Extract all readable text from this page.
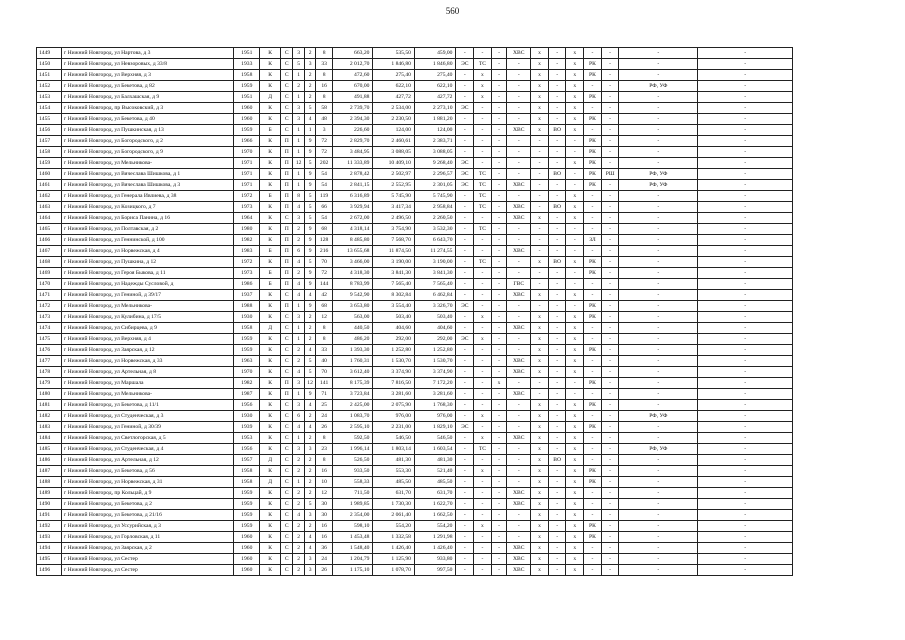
560
1449	г Нижний Новгород, ул Нартова, д 3	1951	К	С	3	2	8	663,20	535,50	459,00	-	-	-	ХВС	х	-	х	-	-	-	-
1450	г Нижний Новгород, ул Невзоровых, д 33/8	1933	К	С	5	3	33	2 012,70	1 846,80	1 846,80	ЭС	ТС	-	-	х	-	х	РК	-	-	-
1451	г Нижний Новгород, ул Верхняя, д 3	1958	К	С	1	2	8	472,60	275,40	275,40	-	х	-	-	х	-	х	РК	-	-	-
1452	г Нижний Новгород, ул Бекетова, д 82	1959	К	С	2	2	16	670,00	622,10	622,10	-	х	-	-	х	-	х	-	-	РФ, УФ	-
1453	г Нижний Новгород, ул Балхашская, д 9	1951	Д	С	1	2	8	491,88	427,72	427,72	-	х	-	-	х	-	х	РК	-	-	-
1454	г Нижний Новгород, пр Высоковский, д 3	1960	К	С	3	5	58	2 739,70	2 534,00	2 273,10	ЭС	-	-	-	х	-	х	-	-	-	-
1455	г Нижний Новгород, ул Бекетова, д 40	1960	К	С	3	4	48	2 394,30	2 230,50	1 881,20	-	-	-	-	х	-	х	РК	-	-	-
1456	г Нижний Новгород, ул Пушкинская, д 13	1959	Б	С	1	1	3	226,60	124,00	124,00	-	-	-	ХВС	х	ВО	х	-	-	-	-
1457	г Нижний Новгород, ул Богородского, д 2	1966	К	П	1	9	72	2 829,70	2 460,61	2 383,71	-	-	-	-	-	-	-	РК	-	-	-
1458	г Нижний Новгород, ул Богородского, д 9	1970	К	П	1	9	72	3 484,95	3 088,05	3 088,05	-	-	-	-	-	-	-	РК	-	-	-
1459	г Нижний Новгород, ул Мельникова-	1971	К	П	12	5	202	11 333,89	10 409,10	9 268,40	ЭС	-	-	-	-	-	х	РК	-	-	-
1460	г Нижний Новгород, ул Вячеслава Шишкова, д 1	1971	К	П	1	9	54	2 878,42	2 502,97	2 296,57	ЭС	ТС	-	-	-	ВО	-	РК	РШ	РФ, УФ	-
1461	г Нижний Новгород, ул Вячеслава Шишкова, д 3	1971	К	П	1	9	54	2 841,15	2 552,95	2 301,05	ЭС	ТС	-	ХВС	-	-	-	РК	-	РФ, УФ	-
1462	г Нижний Новгород, ул Генерала Ивлиева, д 38	1972	Б	П	8	5	119	6 316,89	5 745,90	5 745,90	-	ТС	-	-	-	-	х	-	-	-	-
1463	г Нижний Новгород, ул Козицкого, д 7	1973	К	П	4	5	66	3 929,94	3 417,34	2 958,84	-	ТС	-	ХВС	-	ВО	х	-	-	-	-
1464	г Нижний Новгород, ул Бориса Панина, д 16	1964	К	С	3	5	54	2 672,00	2 496,50	2 260,50	-	-	-	ХВС	х	-	х	-	-	-	-
1465	г Нижний Новгород, ул Полтавская, д 2	1980	К	П	2	9	68	4 318,14	3 754,90	3 532,30	-	ТС	-	-	-	-	-	-	-	-	-
1466	г Нижний Новгород, ул Геннинской, д 100	1982	К	П	2	9	128	8 485,80	7 568,70	6 643,70	-	-	-	-	-	-	-	ЗЛ	-	-	-
1467	г Нижний Новгород, ул Норвежская, д 4	1983	Б	П	6	9	216	13 655,68	11 874,50	11 274,55	-	-	-	ХВС	-	-	-	-	-	-	-
1468	г Нижний Новгород, ул Пушкина, д 12	1972	К	П	4	5	70	3 466,00	3 190,00	3 190,00	-	ТС	-	-	х	ВО	х	РК	-	-	-
1469	г Нижний Новгород, ул Героя Быкова, д 11	1973	Б	П	2	9	72	4 318,30	3 841,30	3 841,30	-	-	-	-	-	-	-	РК	-	-	-
1470	г Нижний Новгород, ул Надежды Сусловой, д	1986	Б	П	4	9	144	8 783,99	7 565,40	7 565,40	-	-	-	ГВС	-	-	-	-	-	-	-
1471	г Нижний Новгород, ул Гениной, д 39/17	1937	К	С	4	4	42	9 542,90	8 302,84	6 462,84	-	-	-	ХВС	х	-	х	-	-	-	-
1472	г Нижний Новгород, ул Мельникова-	1988	К	П	1	9	68	3 653,80	3 554,40	3 326,70	ЭС	-	-	-	-	-	-	РК	-	-	-
1473	г Нижний Новгород, ул Кулибина, д 17/5	1930	К	С	3	2	12	563,00	503,40	503,40	-	х	-	-	х	-	х	РК	-	-	-
1474	г Нижний Новгород, ул Сибирцева, д 9	1958	Д	С	1	2	8	440,50	404,60	404,60	-	-	-	ХВС	х	-	х	-	-	-	-
1475	г Нижний Новгород, ул Верхняя, д 4	1959	К	С	1	2	8	486,20	292,00	292,00	ЭС	х	-	-	х	-	х	-	-	-	-
1476	г Нижний Новгород, ул Заярская, д 12	1959	К	С	2	4	33	1 393,30	1 252,80	1 252,80	-	-	-	-	х	-	х	РК	-	-	-
1477	г Нижний Новгород, ул Норвежская, д 33	1963	К	С	2	5	40	1 760,31	1 530,70	1 530,70	-	-	-	ХВС	х	-	х	-	-	-	-
1478	г Нижний Новгород, ул Артельная, д 8	1970	К	С	4	5	70	3 612,40	3 374,90	3 374,90	-	-	-	ХВС	х	-	х	-	-	-	-
1479	г Нижний Новгород, ул Маршала	1982	К	П	3	12	141	8 175,39	7 816,50	7 172,20	-	-	х	-	-	-	-	РК	-	-	-
1480	г Нижний Новгород, ул Мельникова-	1987	К	П	1	9	71	3 723,84	3 281,60	3 281,60	-	-	-	ХВС	-	-	-	-	-	-	-
1481	г Нижний Новгород, ул Бекетова, д 11/1	1956	К	С	3	4	25	2 425,00	2 075,90	1 768,30	-	-	-	-	х	-	х	РК	-	-	-
1482	г Нижний Новгород, ул Студенческая, д 3	1930	К	С	6	2	24	1 083,70	976,00	976,00	-	х	-	-	х	-	х	-	-	РФ, УФ	-
1483	г Нижний Новгород, ул Гениной, д 30/39	1939	К	С	4	4	26	2 595,10	2 231,00	1 829,10	ЭС	-	-	-	х	-	х	РК	-	-	-
1484	г Нижний Новгород, ул Светлогорская, д 5	1953	К	С	1	2	8	592,50	546,50	546,50	-	х	-	ХВС	х	-	х	-	-	-	-
1485	г Нижний Новгород, ул Студенческая, д 4	1956	К	С	3	3	23	1 996,14	1 803,14	1 603,54	-	ТС	-	-	х	-	х	-	-	РФ, УФ	-
1486	г Нижний Новгород, ул Артельная, д 12	1957	Д	С	2	2	8	526,50	481,30	481,30	-	-	-	-	х	ВО	х	-	-	-	-
1487	г Нижний Новгород, ул Бекетова, д 56	1958	К	С	2	2	16	933,50	553,30	521,40	-	х	-	-	х	-	х	РК	-	-	-
1488	г Нижний Новгород, ул Норвежская, д 31	1958	Д	С	1	2	10	558,33	485,50	485,50	-	-	-	-	х	-	х	РК	-	-	-
1489	г Нижний Новгород, пр Кольцай, д 9	1959	К	С	2	2	12	711,50	631,70	631,70	-	-	-	ХВС	х	-	х	-	-	-	-
1490	г Нижний Новгород, ул Бекетова, д 2	1959	К	С	2	5	30	1 989,85	1 730,30	1 622,70	-	-	-	ХВС	х	-	х	-	-	-	-
1491	г Нижний Новгород, ул Бекетова, д 21/16	1959	К	С	4	3	30	2 354,00	2 061,40	1 662,50	-	-	-	-	х	-	х	-	-	-	-
1492	г Нижний Новгород, ул Уссурийская, д 3	1959	К	С	2	2	16	598,10	554,20	554,20	-	х	-	-	х	-	х	РК	-	-	-
1493	г Нижний Новгород, ул Горловская, д 11	1960	К	С	2	4	16	1 453,48	1 332,58	1 291,98	-	-	-	-	х	-	х	РК	-	-	-
1494	г Нижний Новгород, ул Заярская, д 2	1960	К	С	2	4	36	1 548,40	1 426,40	1 426,40	-	-	-	ХВС	х	-	х	-	-	-	-
1495	г Нижний Новгород, ул Сестер	1960	К	С	2	3	24	1 204,79	1 125,90	933,80	-	-	-	ХВС	х	-	х	-	-	-	-
1496	г Нижний Новгород, ул Сестер	1960	К	С	2	3	26	1 175,10	1 078,70	997,50	-	-	-	ХВС	х	-	х	-	-	-	-
